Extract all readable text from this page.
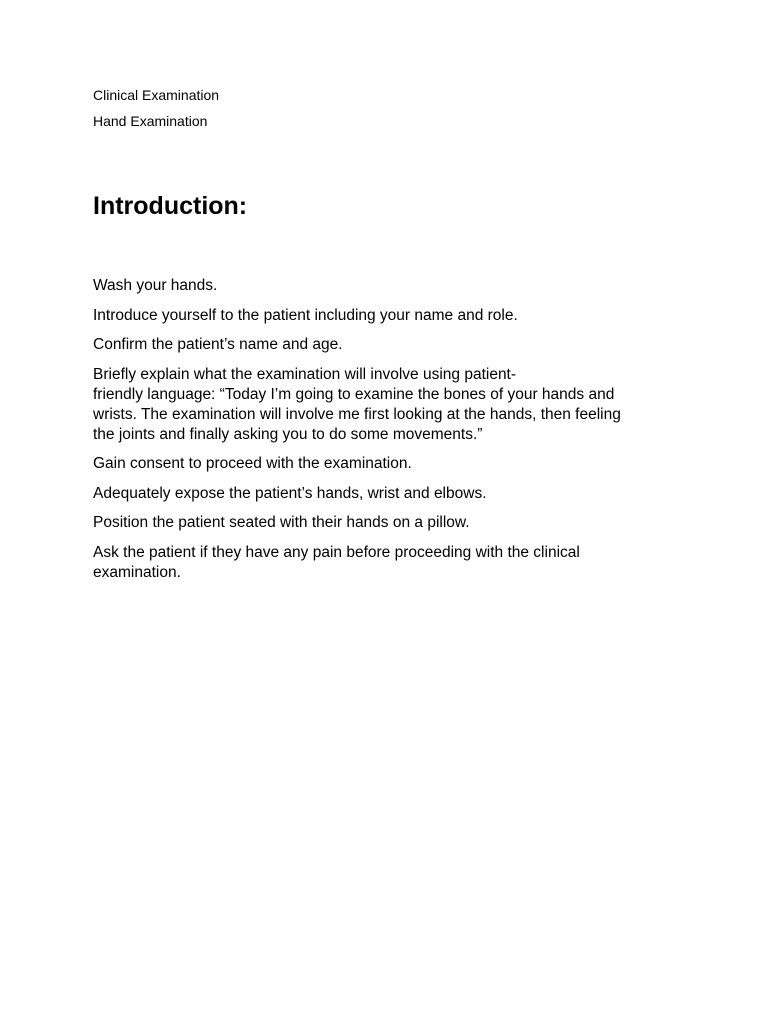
Clinical Examination
Hand Examination
Introduction:

Wash your hands.

Introduce yourself to the patient including your name and role.

Confirm the patient’s name and age.

Briefly explain what the examination will involve using patient-
friendly language: “Today I’m going to examine the bones of your hands and
wrists. The examination will involve me first looking at the hands, then feeling
the joints and finally asking you to do some movements.”

Gain consent to proceed with the examination.

Adequately expose the patient’s hands, wrist and elbows.

Position the patient seated with their hands on a pillow.

Ask the patient if they have any pain before proceeding with the clinical
examination.
